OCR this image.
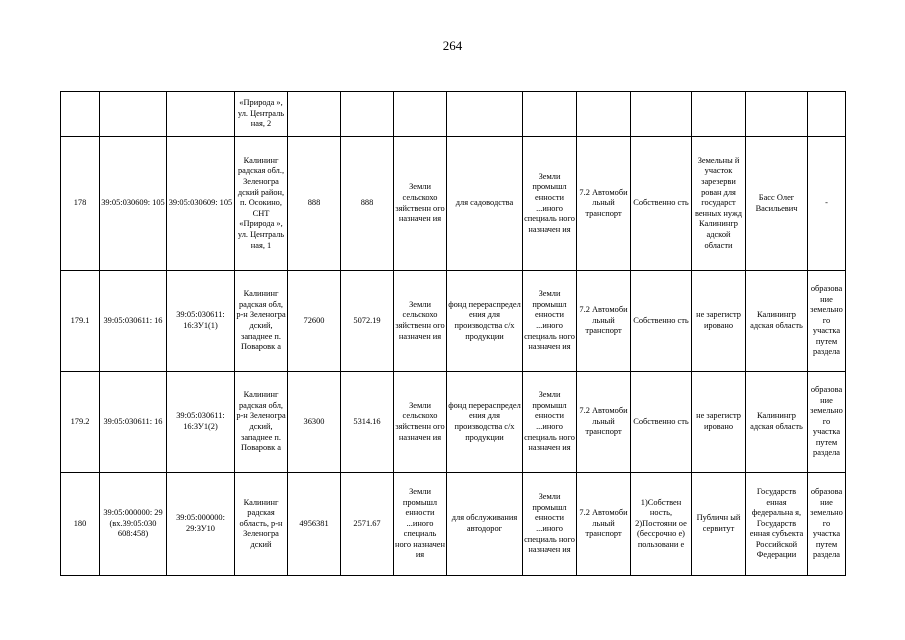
264
			«Природа », ул. Централь ная, 2										
178	39:05:030609: 105	39:05:030609: 105	Калининг радская обл., Зеленогра дский район, п. Осокино, СНТ «Природа », ул. Централь ная, 1	888	888	Земли сельскохо зяйственн ого назначен ия	для садоводства	Земли промышл енности ...иного специаль ного назначен ия	7.2 Автомоби льный транспорт	Собственно сть	Земельны й участок зарезерви рован для государст венных нужд Калинингр адской области	Басс Олег Васильевич	-
179.1	39:05:030611: 16	39:05:030611: 16:ЗУ1(1)	Калининг радская обл, р-н Зеленогра дский, западнее п. Поваровк а	72600	5072.19	Земли сельскохо зяйственн ого назначен ия	фонд перераспредел ения для производства с/х продукции	Земли промышл енности ...иного специаль ного назначен ия	7.2 Автомоби льный транспорт	Собственно сть	не зарегистр ировано	Калинингр адская область	образование земельного участка путем раздела
179.2	39:05:030611: 16	39:05:030611: 16:ЗУ1(2)	Калининг радская обл, р-н Зеленогра дский, западнее п. Поваровк а	36300	5314.16	Земли сельскохо зяйственн ого назначен ия	фонд перераспредел ения для производства с/х продукции	Земли промышл енности ...иного специаль ного назначен ия	7.2 Автомоби льный транспорт	Собственно сть	не зарегистр ировано	Калинингр адская область	образование земельного участка путем раздела
180	39:05:000000: 29 (вх.39:05:030 608:458)	39:05:000000: 29:ЗУ10	Калининг радская область, р-н Зеленогра дский	4956381	2571.67	Земли промышл енности ...иного специаль ного назначен ия	для обслуживания автодорог	Земли промышл енности ...иного специаль ного назначен ия	7.2 Автомоби льный транспорт	1)Собствен ность, 2)Постояни ое (бессрочно е) пользовани е	Публичн ый сервитут	Государств енная федеральна я, Государств енная субъекта Российской Федерации	образование земельного участка путем раздела
